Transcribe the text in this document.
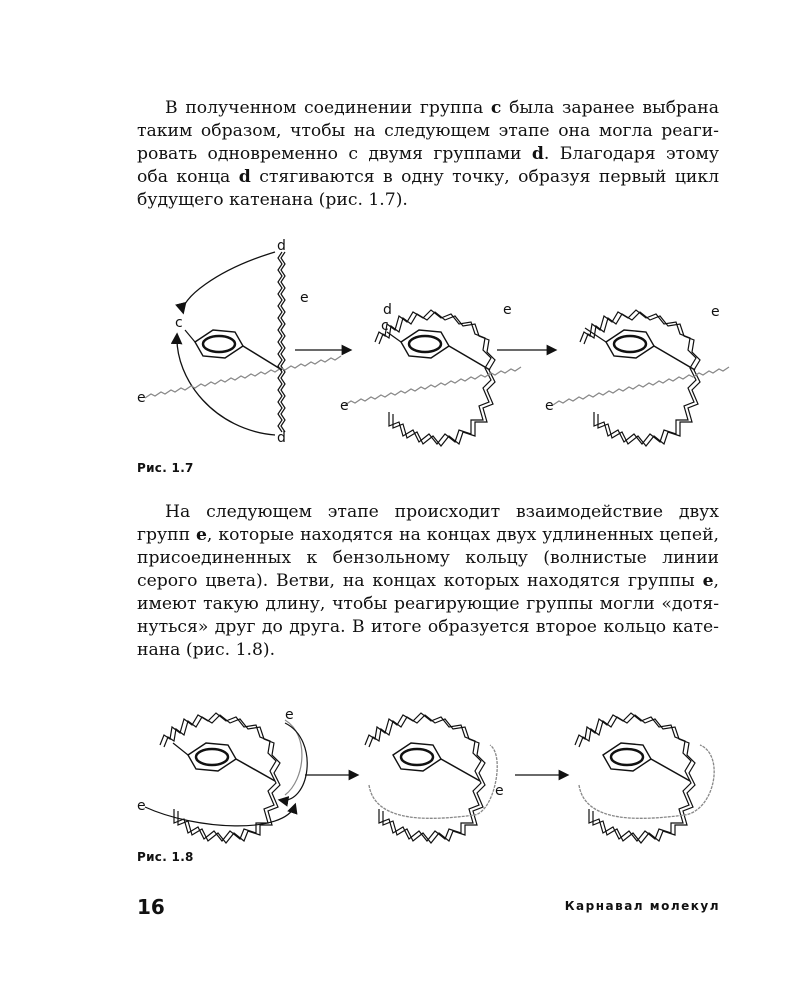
В полученном соединении группа c была заранее выбрана
таким образом, чтобы на следующем этапе она могла реаги-
ровать одновременно с двумя группами d. Благодаря этому
оба конца d стягиваются в одну точку, образуя первый цикл
будущего катенана (рис. 1.7).
d
d
c
e
e
d
c
e
e
e
e
Рис. 1.7
На следующем этапе происходит взаимодействие двух
групп e, которые находятся на концах двух удлиненных цепей,
присоединенных к бензольному кольцу (волнистые линии
серого цвета). Ветви, на концах которых находятся группы e,
имеют такую длину, чтобы реагирующие группы могли «дотя-
нуться» друг до друга. В итоге образуется второе кольцо кате-
нана (рис. 1.8).
e
e
e
Рис. 1.8
16	Карнавал молекул
